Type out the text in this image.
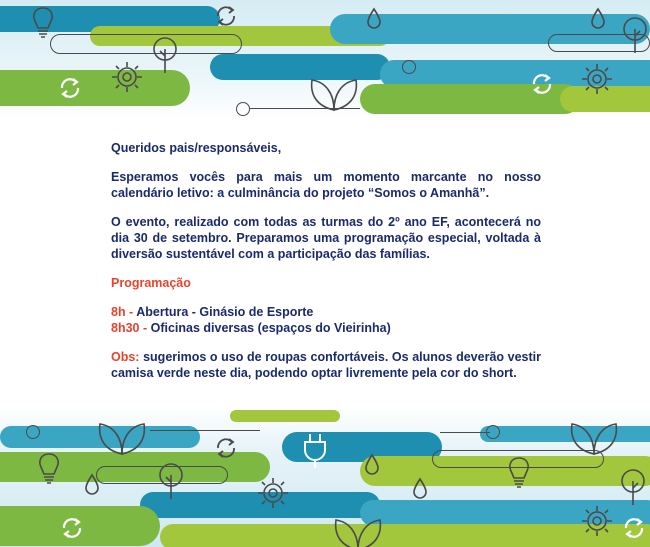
Queridos pais/responsáveis,

Esperamos vocês para mais um momento marcante no nosso calendário letivo: a culminância do projeto “Somos o Amanhã”.

O evento, realizado com todas as turmas do 2º ano EF, acontecerá no dia 30 de setembro. Preparamos uma programação especial, voltada à diversão sustentável com a participação das famílias.

Programação

8h - Abertura - Ginásio de Esporte
8h30 - Oficinas diversas (espaços do Vieirinha)

Obs: sugerimos o uso de roupas confortáveis. Os alunos deverão vestir camisa verde neste dia, podendo optar livremente pela cor do short.
